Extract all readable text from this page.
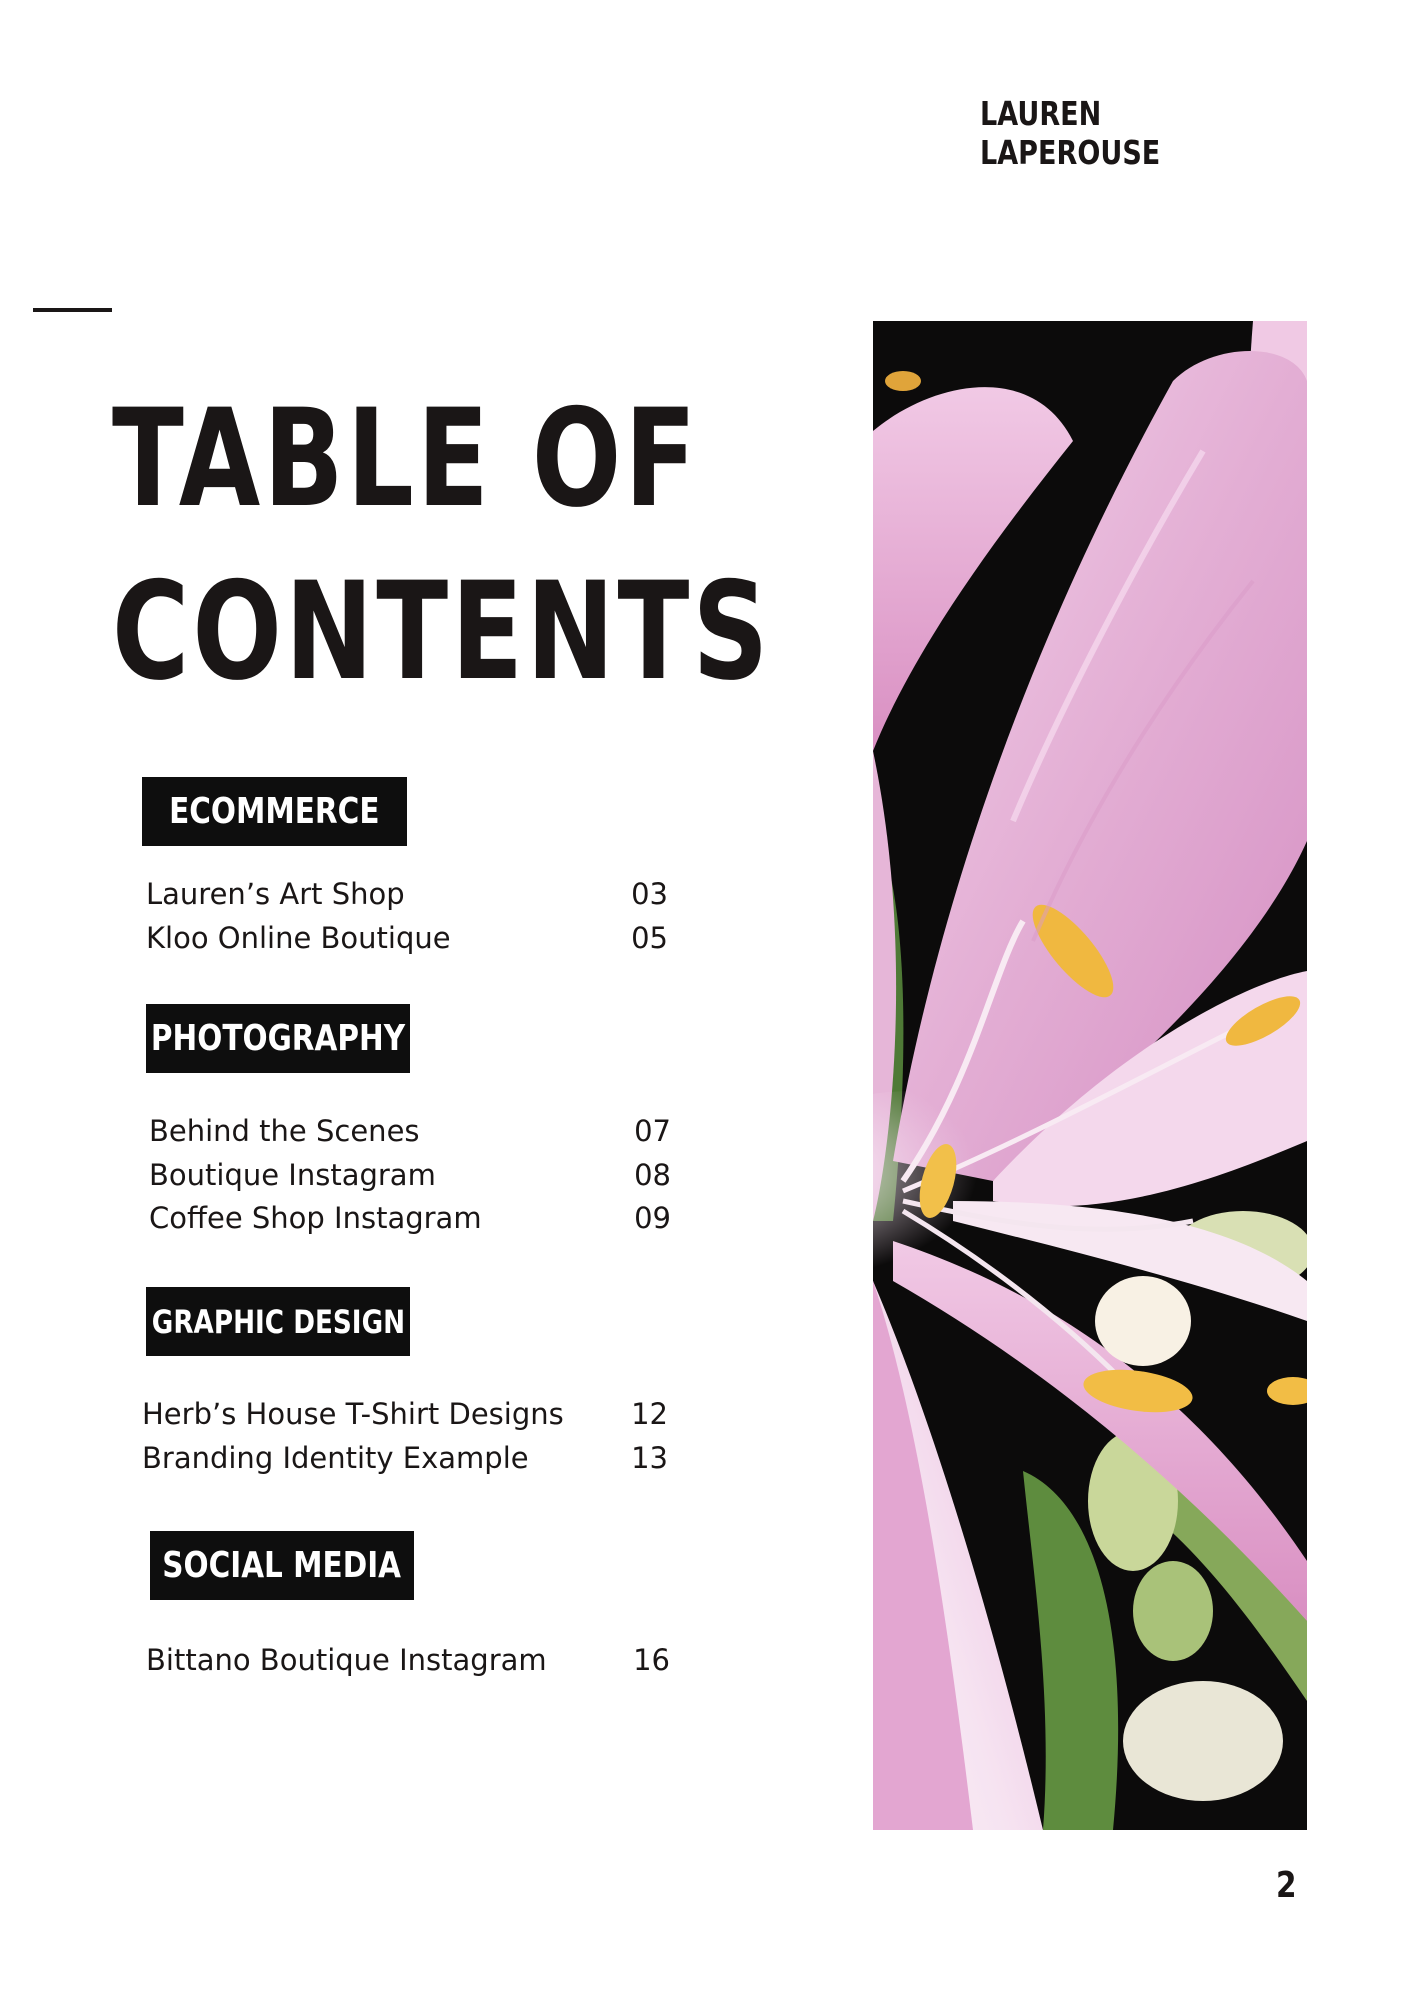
LAUREN LAPEROUSE
TABLE OF
CONTENTS
ECOMMERCE
Lauren’s Art Shop	03
Kloo Online Boutique	05
PHOTOGRAPHY
Behind the Scenes	07
Boutique Instagram	08
Coffee Shop Instagram	09
GRAPHIC DESIGN
Herb’s House T-Shirt Designs 12
Branding Identity Example	13
SOCIAL MEDIA
Bittano Boutique Instagram	16
2
